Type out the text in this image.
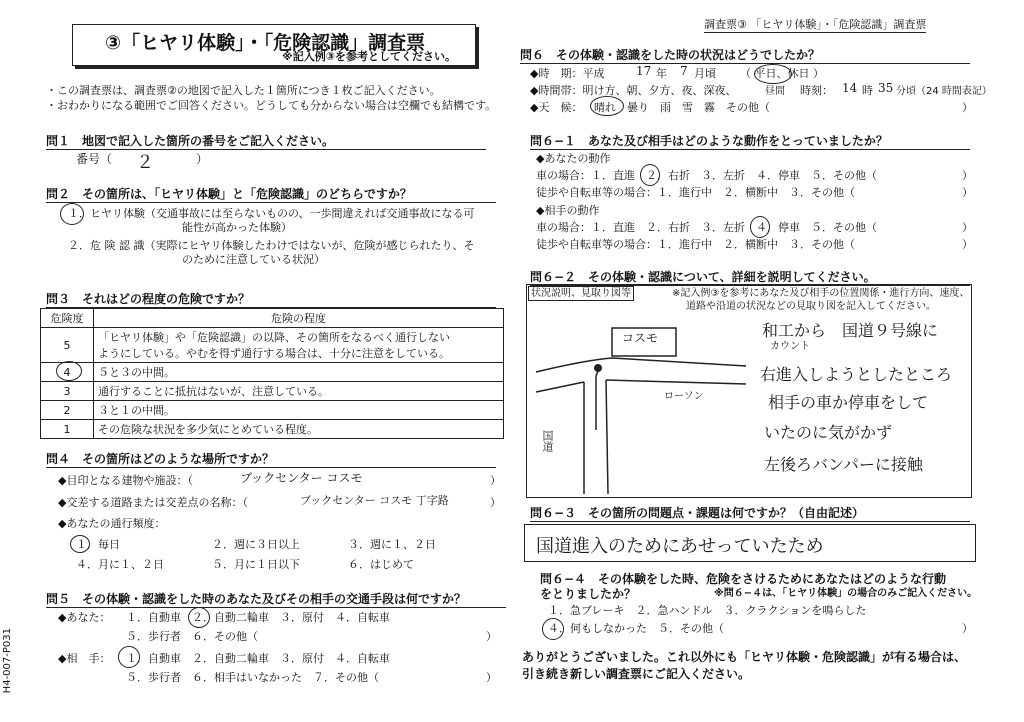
③「ヒヤリ体験」・「危険認識」調査票
※記入例③を参考としてください。
調査票③ 「ヒヤリ体験」・「危険認識」調査票
・この調査票は、調査票②の地図で記入した１箇所につき１枚ご記入ください。
・おわかりになる範囲でご回答ください。どうしても分からない場合は空欄でも結構です。
問１　地図で記入した箇所の番号をご記入ください。
番号（ ２	）
問２　その箇所は、「ヒヤリ体験」と「危険認識」のどちらですか？
１．ヒヤリ体験（交通事故には至らないものの、一歩間違えれば交通事故になる可
能性が高かった体験）
２．危 険 認 識（実際にヒヤリ体験したわけではないが、危険が感じられたり、そ
のために注意している状況）
問３　それはどの程度の危険ですか？
危険度	危険の程度
5	「ヒヤリ体験」や「危険認識」の以降、その箇所をなるべく通行しない
ようにしている。やむを得ず通行する場合は、十分に注意をしている。

4	５と３の中間。
3	通行することに抵抗はないが、注意している。
2	３と１の中間。
1	その危険な状況を多少気にとめている程度。
問４　その箇所はどのような場所ですか？
◆目印となる建物や施設：（	ブックセンター コスモ	）
◆交差する道路または交差点の名称：（	ブックセンター コスモ 丁字路	）
◆あなたの通行頻度：
１．毎日	２．週に３日以上	３．週に１、２日
４．月に１、２日	５．月に１日以下	６．はじめて
問５　その体験・認識をした時のあなた及びその相手の交通手段は何ですか？
◆あなた： １．自動車　２．自動二輪車　３．原付　４．自転車
５．歩行者　６．その他（	）
◆相　手： １．自動車　２．自動二輪車　３．原付　４．自転車
５．歩行者　６．相手はいなかった　７．その他（	）
問６　その体験・認識をした時の状況はどうでしたか？
◆時　期：平成	17 年 7 月頃 （ 平日、休日 ）
◆時間帯：明け方、朝、夕方、夜、深夜、	昼間 時刻： 14 時 35 分頃（24 時間表記）
◆天　候： 晴れ　曇り　雨　雪　霧　その他（	）
問６−１　あなた及び相手はどのような動作をとっていましたか？
◆あなたの動作
車の場合：１．直進　２．右折　３．左折　４．停車　５．その他（	）
徒歩や自転車等の場合：１．進行中　２．横断中　３．その他（	）
◆相手の動作
車の場合：１．直進　２．右折　３．左折　４．停車　５．その他（	）
徒歩や自転車等の場合：１．進行中　２．横断中　３．その他（	）
問６−２　その体験・認識について、詳細を説明してください。
状況説明、見取り図等	※記入例③を参考にあなた及び相手の位置関係・進行方向、速度、
道路や沿道の状況などの見取り図を記入してください。
コスモ
ローソン
国道
和工から　国道９号線に
カウント
右進入しようとしたところ
相手の車か停車をして
いたのに気がかず
左後ろバンパーに接触
問６−３　その箇所の問題点・課題は何ですか？（自由記述）
国道進入のためにあせっていたため
問６−４　その体験をした時、危険をさけるためにあなたはどのような行動
をとりましたか？	※問６−４は、「ヒヤリ体験」の場合のみご記入ください。
１．急ブレーキ　２．急ハンドル　３．クラクションを鳴らした
４．何もしなかった　５．その他（	）
ありがとうございました。これ以外にも「ヒヤリ体験・危険認識」が有る場合は、
引き続き新しい調査票にご記入ください。
H4-007-P031
